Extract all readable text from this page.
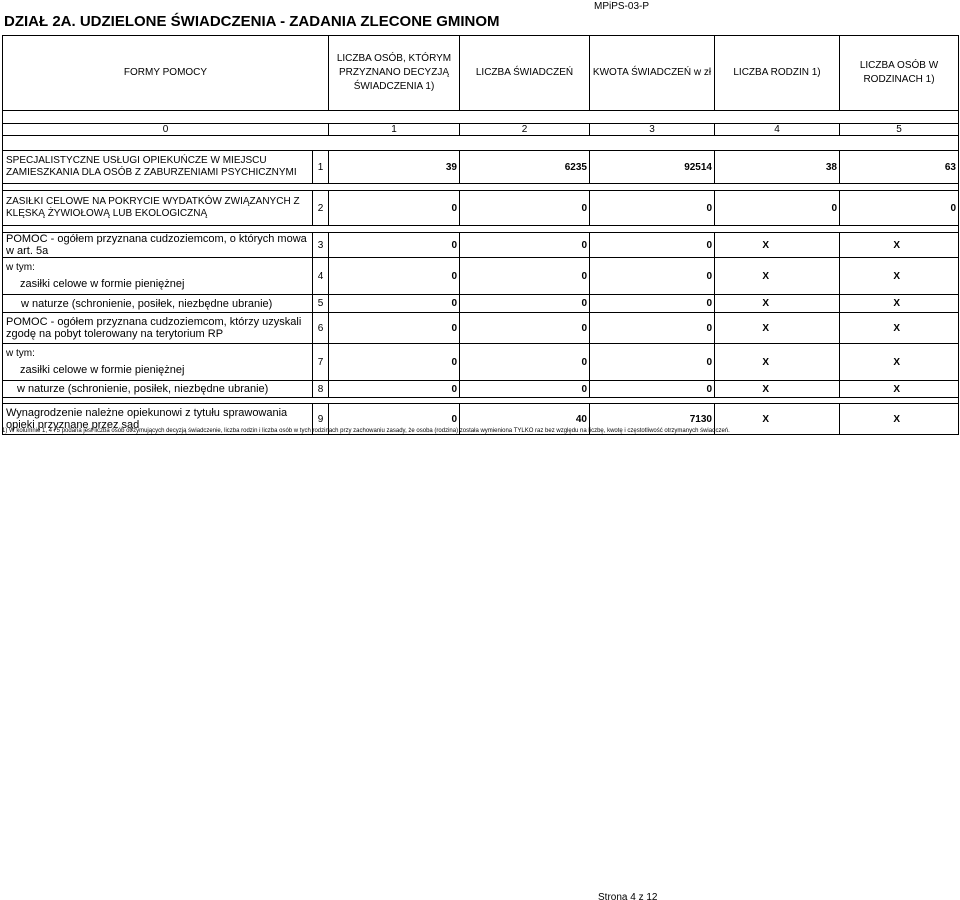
MPiPS-03-P
DZIAŁ 2A. UDZIELONE ŚWIADCZENIA - ZADANIA ZLECONE GMINOM
FORMY POMOCY		LICZBA OSÓB, KTÓRYM PRZYZNANO DECYZJĄ ŚWIADCZENIA 1)	LICZBA ŚWIADCZEŃ	KWOTA ŚWIADCZEŃ w zł	LICZBA RODZIN 1)	LICZBA OSÓB W RODZINACH 1)

0		1	2	3	4	5

SPECJALISTYCZNE USŁUGI OPIEKUŃCZE W MIEJSCU ZAMIESZKANIA DLA OSÓB Z ZABURZENIAMI PSYCHICZNYMI	1	39	6235	92514	38	63

ZASIŁKI CELOWE NA POKRYCIE WYDATKÓW ZWIĄZANYCH Z KLĘSKĄ ŻYWIOŁOWĄ LUB EKOLOGICZNĄ	2	0	0	0	0	0

POMOC - ogółem przyznana cudzoziemcom, o których mowa w art. 5a	3	0	0	0	X	X

w tym:
zasiłki celowe w formie pieniężnej	4	0	0	0	X	X
w naturze (schronienie, posiłek, niezbędne ubranie)	5	0	0	0	X	X
POMOC - ogółem przyznana cudzoziemcom, którzy uzyskali zgodę na pobyt tolerowany na terytorium RP	6	0	0	0	X	X

w tym:
zasiłki celowe w formie pieniężnej	7	0	0	0	X	X
w naturze (schronienie, posiłek, niezbędne ubranie)	8	0	0	0	X	X

Wynagrodzenie należne opiekunowi z tytułu sprawowania opieki przyznane przez sąd	9	0	40	7130	X	X
1) W kolumnie 1, 4 i 5 podana jest liczba osób otrzymujących decyzją świadczenie, liczba rodzin i liczba osób w tych rodzinach przy zachowaniu zasady, że osoba (rodzina) została wymieniona TYLKO raz bez względu na liczbę, kwotę i częstotliwość otrzymanych świadczeń.
Strona 4 z 12
